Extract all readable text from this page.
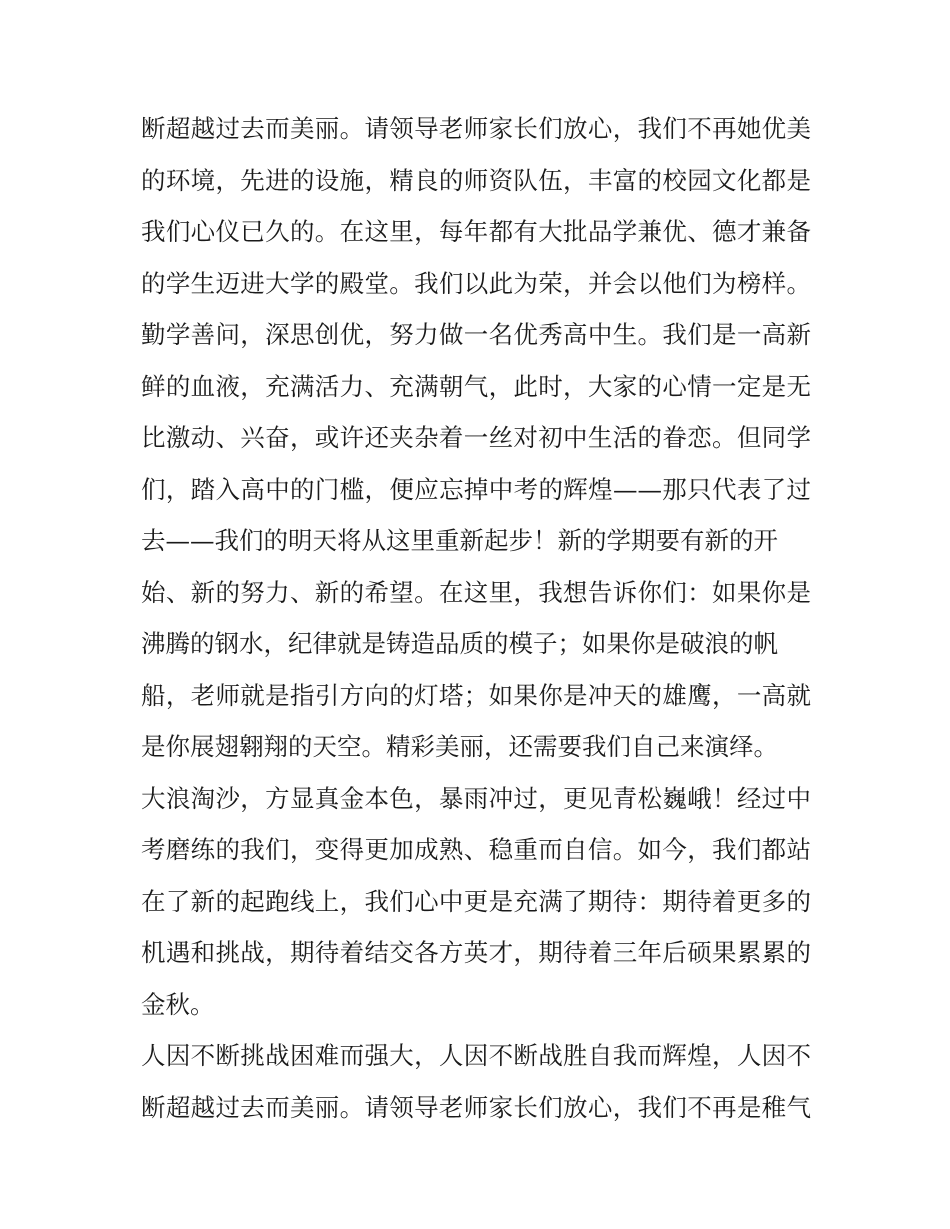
断超越过去而美丽。请领导老师家长们放心，我们不再她优美
的环境，先进的设施，精良的师资队伍，丰富的校园文化都是
我们心仪已久的。在这里，每年都有大批品学兼优、德才兼备
的学生迈进大学的殿堂。我们以此为荣，并会以他们为榜样。
勤学善问，深思创优，努力做一名优秀高中生。我们是一高新
鲜的血液，充满活力、充满朝气，此时，大家的心情一定是无
比激动、兴奋，或许还夹杂着一丝对初中生活的眷恋。但同学
们，踏入高中的门槛，便应忘掉中考的辉煌——那只代表了过
去——我们的明天将从这里重新起步！新的学期要有新的开
始、新的努力、新的希望。在这里，我想告诉你们：如果你是
沸腾的钢水，纪律就是铸造品质的模子；如果你是破浪的帆
船，老师就是指引方向的灯塔；如果你是冲天的雄鹰，一高就
是你展翅翱翔的天空。精彩美丽，还需要我们自己来演绎。
大浪淘沙，方显真金本色，暴雨冲过，更见青松巍峨！经过中
考磨练的我们，变得更加成熟、稳重而自信。如今，我们都站
在了新的起跑线上，我们心中更是充满了期待：期待着更多的
机遇和挑战，期待着结交各方英才，期待着三年后硕果累累的
金秋。
人因不断挑战困难而强大，人因不断战胜自我而辉煌，人因不
断超越过去而美丽。请领导老师家长们放心，我们不再是稚气
